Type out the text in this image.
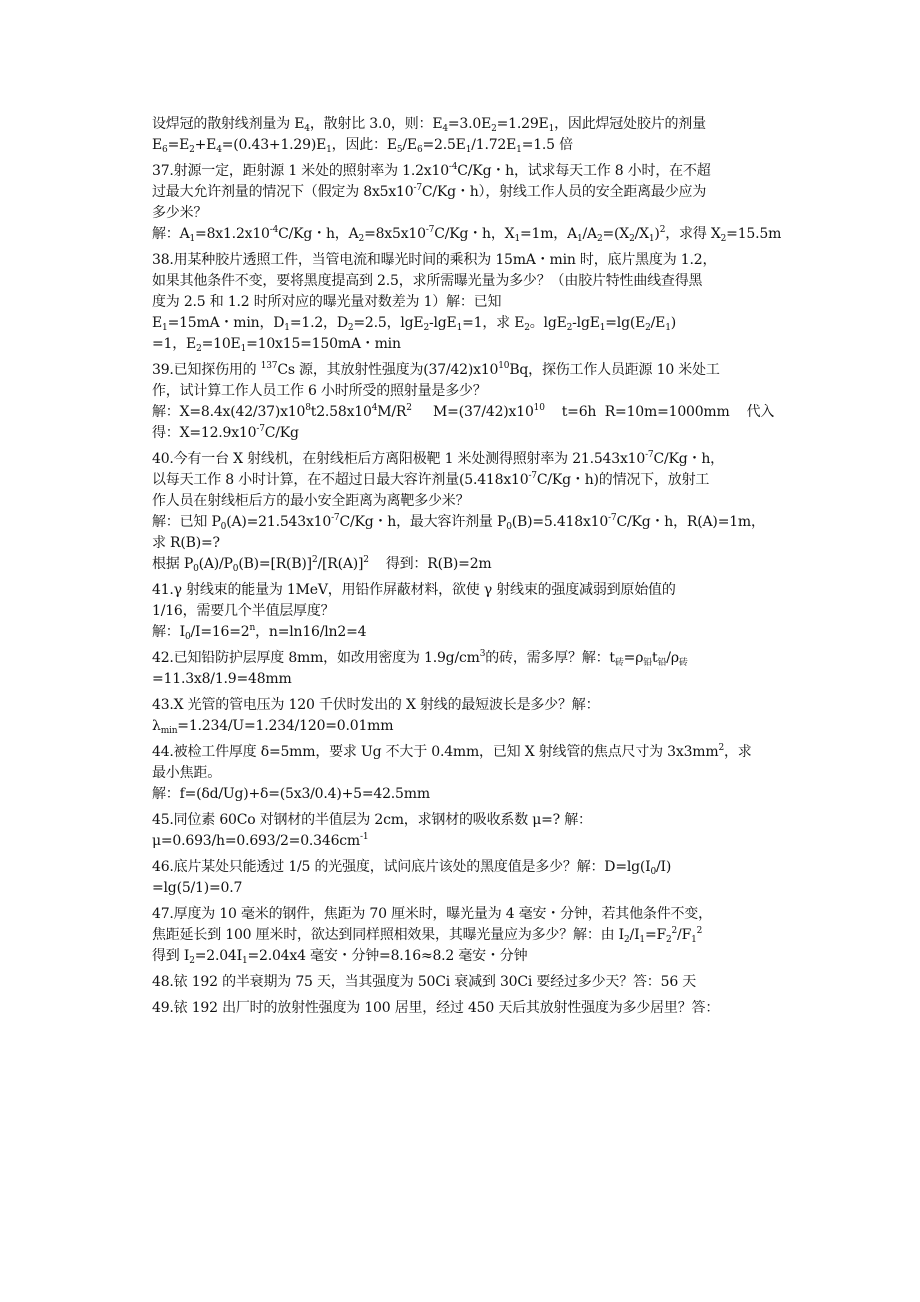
设焊冠的散射线剂量为 $E_4$，散射比 3.0，则：$E_4=3.0E_2=1.29E_1$，因此焊冠处胶片的剂量
$E_6=E_2+E_4=(0.43+1.29)E_1$，因此：$E_5/E_6=2.5E_1/1.72E_1=1.5$ 倍
37.射源一定，距射源 1 米处的照射率为 $1.2x10^{-4}C/Kg$・h，试求每天工作 8 小时，在不超
过最大允许剂量的情况下（假定为 $8x5x10^{-7}C/Kg$・h），射线工作人员的安全距离最少应为
多少米？
解：$A_1=8x1.2x10^{-4}C/Kg$・h，$A_2=8x5x10^{-7}C/Kg$・h，$X_1=1m$，$A_1/A_2=(X_2/X_1)^2$，求得 $X_2=15.5m$
38.用某种胶片透照工件，当管电流和曝光时间的乘积为 15mA・min 时，底片黑度为 1.2，
如果其他条件不变，要将黑度提高到 2.5，求所需曝光量为多少？（由胶片特性曲线查得黑
度为 2.5 和 1.2 时所对应的曝光量对数差为 1）解：已知
$E_1=15mA$・min，$D_1=1.2$，$D_2=2.5$，lgE$_2$-lgE$_1$=1，求 $E_2$。$\lg E_2-\lg E_1=\lg(E_2/E_1)$
=1，$E_2=10E_1=10x15=150mA$・min
39.已知探伤用的 $^{137}$Cs 源，其放射性强度为$(37/42)x10^{10}Bq$，探伤工作人员距源 10 米处工
作，试计算工作人员工作 6 小时所受的照射量是多少？
解：$X=8.4x(42/37)x10^8t2.58x10^4M/R^2$     $M=(37/42)x10^{10}$    t=6h  R=10m=1000mm    代入
得：$X=12.9x10^{-7}C/Kg$
40.今有一台 X 射线机，在射线柜后方离阳极靶 1 米处测得照射率为 $21.543x10^{-7}C/Kg$・h，
以每天工作 8 小时计算，在不超过日最大容许剂量($5.418x10^{-7}C/Kg$・h)的情况下，放射工
作人员在射线柜后方的最小安全距离为离靶多少米？
解：已知 $P_0(A)=21.543x10^{-7}C/Kg$・h，最大容许剂量 $P_0(B)=5.418x10^{-7}C/Kg$・h，R(A)=1m，
求 R(B)=?
根据 $P_0(A)/P_0(B)=[R(B)]^2/[R(A)]^2$    得到：R(B)=2m
41.γ 射线束的能量为 1MeV，用铅作屏蔽材料，欲使 γ 射线束的强度减弱到原始值的
1/16，需要几个半值层厚度？
解：$I_0/I=16=2^n$，n=ln16/ln2=4
42.已知铅防护层厚度 8mm，如改用密度为 $1.9g/cm^3$的砖，需多厚？解：$t_砖=\rho_铅t_铅/\rho_砖$
=11.3x8/1.9=48mm
43.X 光管的管电压为 120 千伏时发出的 X 射线的最短波长是多少？解：
$\lambda_{min}=1.234/U=1.234/120=0.01mm$
44.被检工件厚度 δ=5mm，要求 Ug 不大于 0.4mm，已知 X 射线管的焦点尺寸为 $3x3mm^2$，求
最小焦距。
解：f=(δd/Ug)+δ=(5x3/0.4)+5=42.5mm
45.同位素 60Co 对钢材的半值层为 2cm，求钢材的吸收系数 μ=? 解：
$\mu=0.693/h=0.693/2=0.346cm^{-1}$
46.底片某处只能透过 1/5 的光强度，试问底片该处的黑度值是多少？解：$D=\lg(I_0/I)$
=lg(5/1)=0.7
47.厚度为 10 毫米的钢件，焦距为 70 厘米时，曝光量为 4 毫安・分钟，若其他条件不变，
焦距延长到 100 厘米时，欲达到同样照相效果，其曝光量应为多少？解：由 $I_2/I_1=F_2^2/F_1^2$
得到 $I_2=2.04I_1=2.04x4$ 毫安・分钟=8.16≈8.2 毫安・分钟
48.铱 192 的半衰期为 75 天，当其强度为 50Ci 衰减到 30Ci 要经过多少天？答：56 天
49.铱 192 出厂时的放射性强度为 100 居里，经过 450 天后其放射性强度为多少居里？答：
